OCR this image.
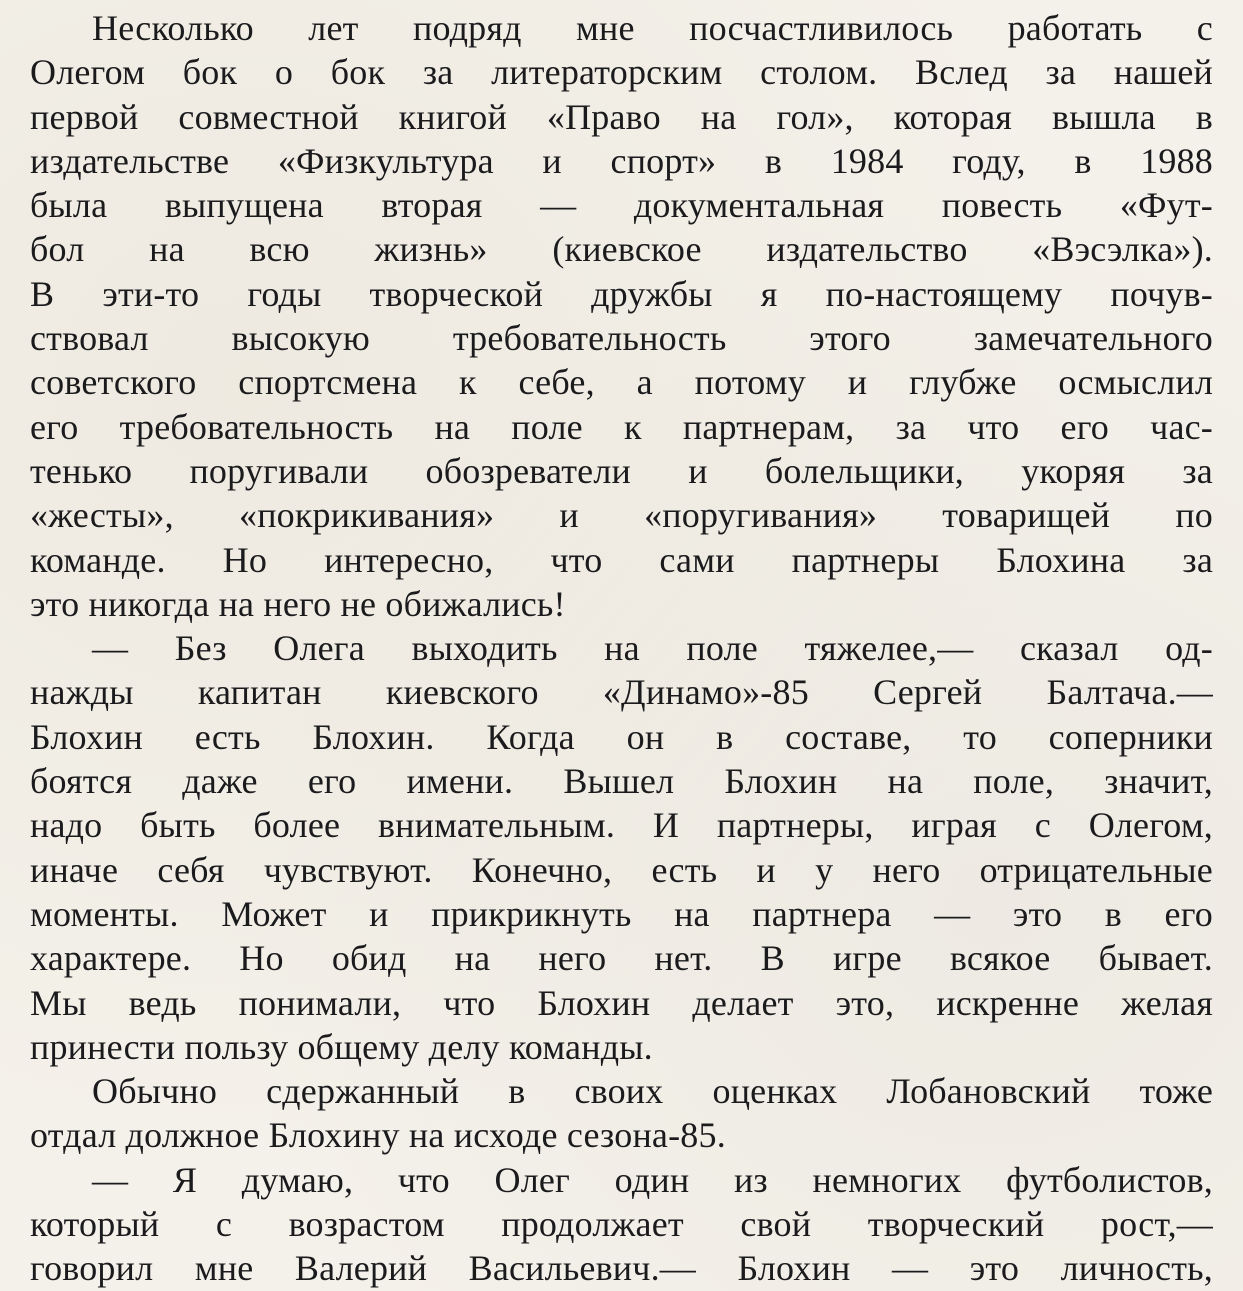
Несколько лет подряд мне посчастливилось работать с
Олегом бок о бок за литераторским столом. Вслед за нашей
первой совместной книгой «Право на гол», которая вышла в
издательстве «Физкультура и спорт» в 1984 году, в 1988
была выпущена вторая — документальная повесть «Фут-
бол на всю жизнь» (киевское издательство «Вэсэлка»).
В эти-то годы творческой дружбы я по-настоящему почув-
ствовал высокую требовательность этого замечательного
советского спортсмена к себе, а потому и глубже осмыслил
его требовательность на поле к партнерам, за что его час-
тенько поругивали обозреватели и болельщики, укоряя за
«жесты», «покрикивания» и «поругивания» товарищей по
команде. Но интересно, что сами партнеры Блохина за
это никогда на него не обижались!
— Без Олега выходить на поле тяжелее,— сказал од-
нажды капитан киевского «Динамо»-85 Сергей Балтача.—
Блохин есть Блохин. Когда он в составе, то соперники
боятся даже его имени. Вышел Блохин на поле, значит,
надо быть более внимательным. И партнеры, играя с Олегом,
иначе себя чувствуют. Конечно, есть и у него отрицательные
моменты. Может и прикрикнуть на партнера — это в его
характере. Но обид на него нет. В игре всякое бывает.
Мы ведь понимали, что Блохин делает это, искренне желая
принести пользу общему делу команды.
Обычно сдержанный в своих оценках Лобановский тоже
отдал должное Блохину на исходе сезона-85.
— Я думаю, что Олег один из немногих футболистов,
который с возрастом продолжает свой творческий рост,—
говорил мне Валерий Васильевич.— Блохин — это личность,
